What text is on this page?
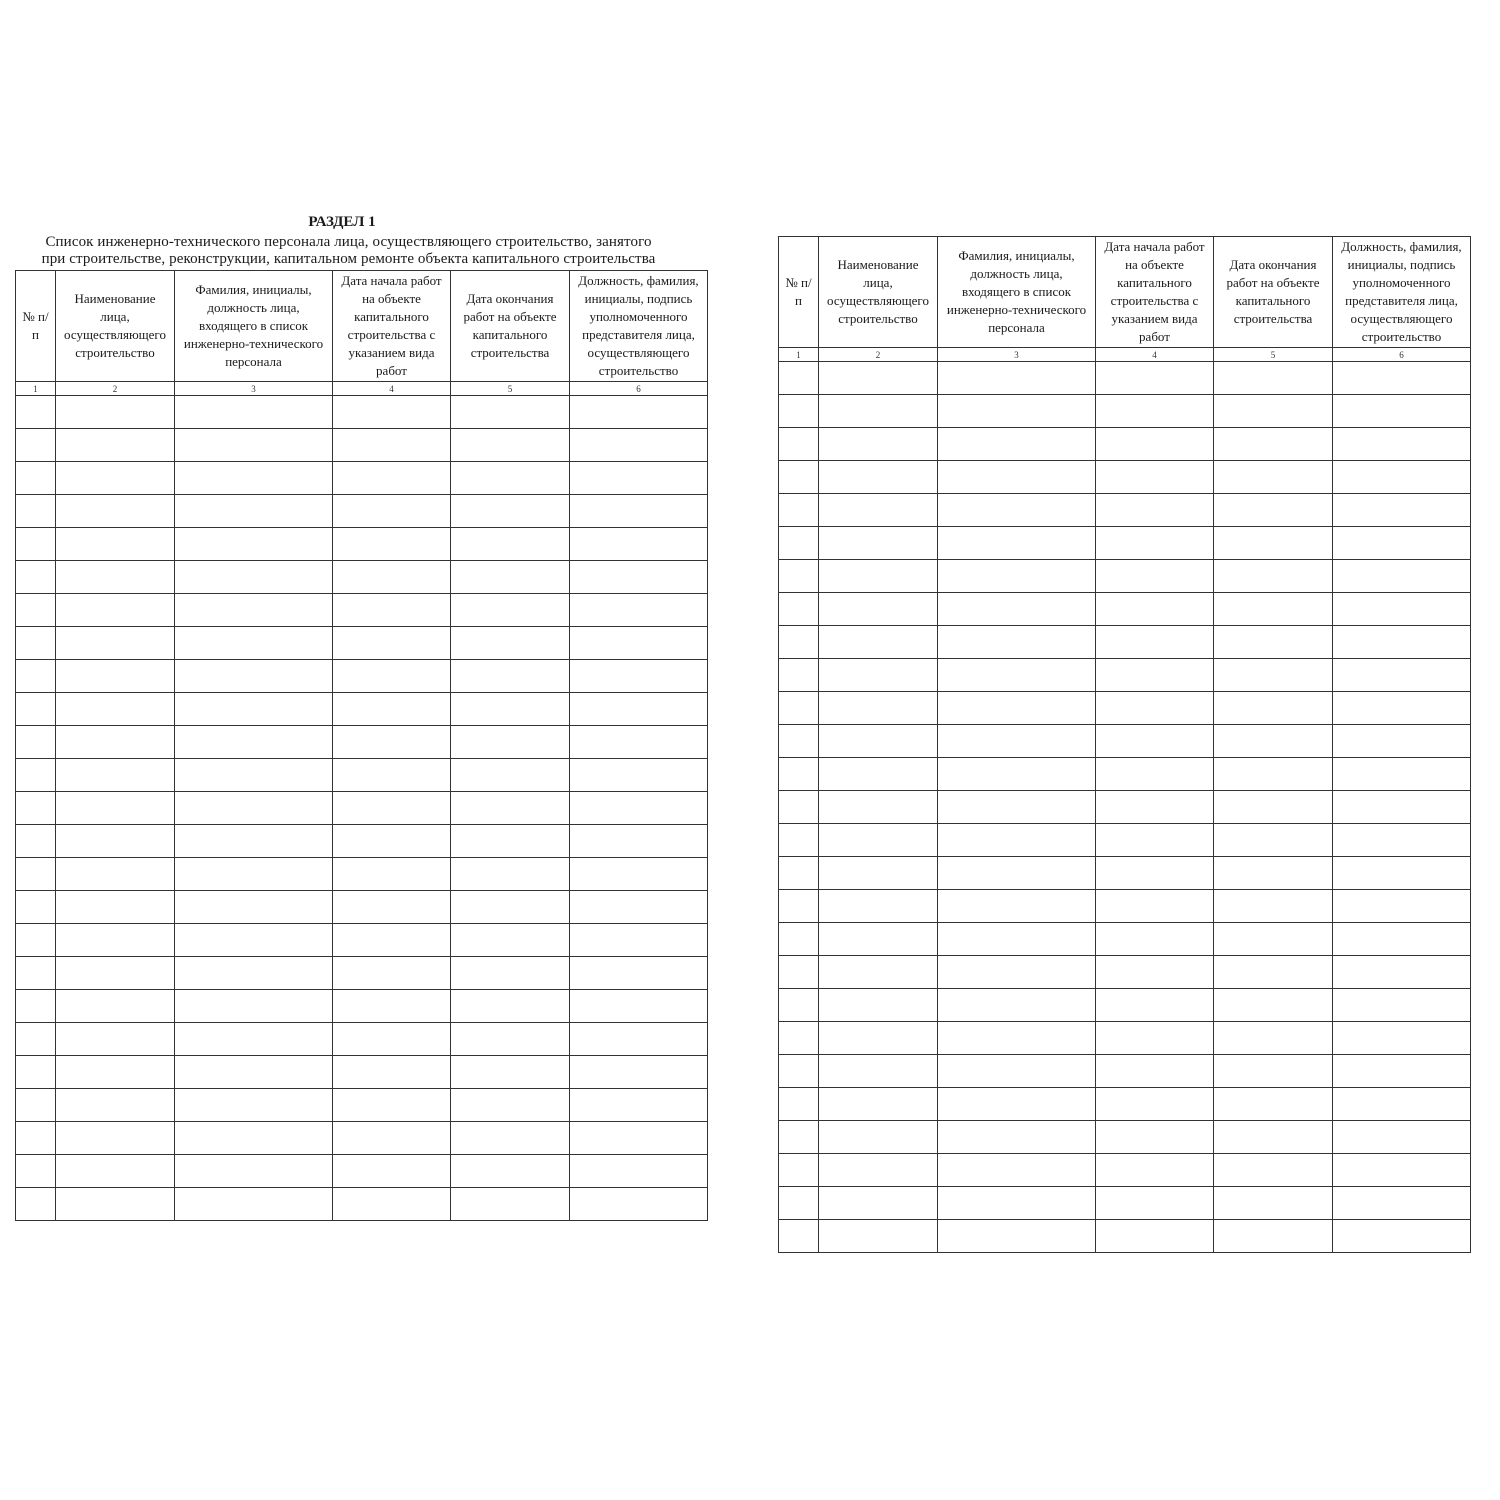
РАЗДЕЛ 1
Список инженерно-технического персонала лица, осуществляющего строительство, занятого
при строительстве, реконструкции, капитальном ремонте объекта капитального строительства
№ п/п	Наименование лица, осуществляющего строительство	Фамилия, инициалы, должность лица, входящего в список инженерно-технического персонала	Дата начала работ на объекте капитального строительства с указанием вида работ	Дата окончания работ на объекте капитального строительства	Должность, фамилия, инициалы, подпись уполномоченного представителя лица, осуществляющего строительство
1	2	3	4	5	6

№ п/п	Наименование лица, осуществляющего строительство	Фамилия, инициалы, должность лица, входящего в список инженерно-технического персонала	Дата начала работ на объекте капитального строительства с указанием вида работ	Дата окончания работ на объекте капитального строительства	Должность, фамилия, инициалы, подпись уполномоченного представителя лица, осуществляющего строительство
1	2	3	4	5	6
